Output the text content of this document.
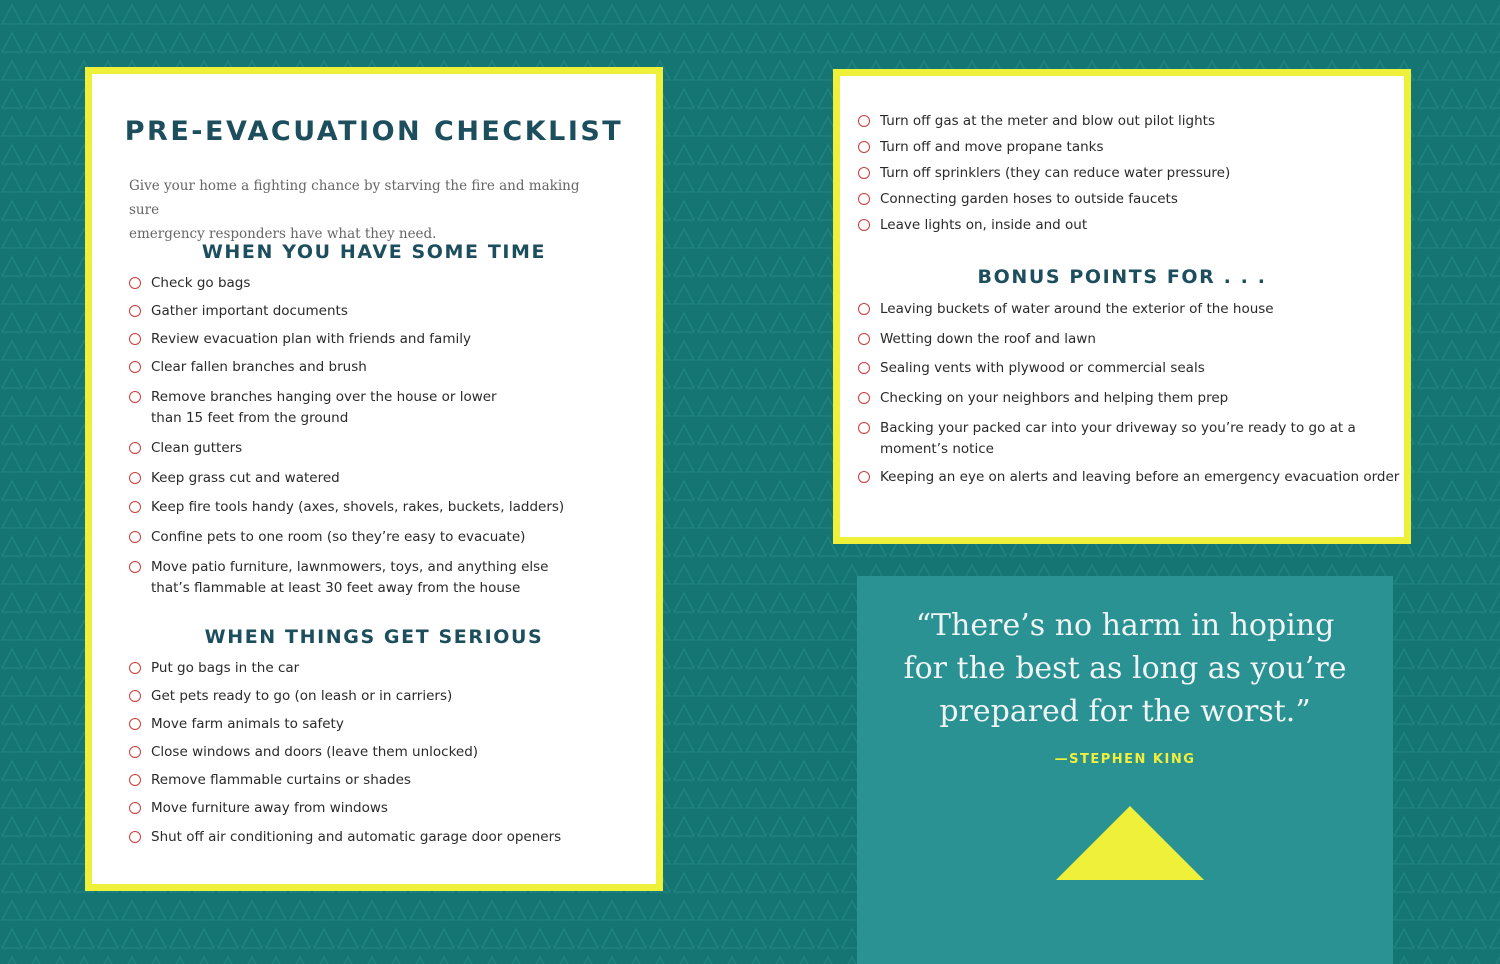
PRE-EVACUATION CHECKLIST
Give your home a fighting chance by starving the fire and making sure
emergency responders have what they need.
WHEN YOU HAVE SOME TIME
Check go bags
Gather important documents
Review evacuation plan with friends and family
Clear fallen branches and brush
Remove branches hanging over the house or lower
than 15 feet from the ground
Clean gutters
Keep grass cut and watered
Keep fire tools handy (axes, shovels, rakes, buckets, ladders)
Confine pets to one room (so they’re easy to evacuate)
Move patio furniture, lawnmowers, toys, and anything else
that’s flammable at least 30 feet away from the house
WHEN THINGS GET SERIOUS
Put go bags in the car
Get pets ready to go (on leash or in carriers)
Move farm animals to safety
Close windows and doors (leave them unlocked)
Remove flammable curtains or shades
Move furniture away from windows
Shut off air conditioning and automatic garage door openers
Turn off gas at the meter and blow out pilot lights
Turn off and move propane tanks
Turn off sprinklers (they can reduce water pressure)
Connecting garden hoses to outside faucets
Leave lights on, inside and out
BONUS POINTS FOR . . .
Leaving buckets of water around the exterior of the house
Wetting down the roof and lawn
Sealing vents with plywood or commercial seals
Checking on your neighbors and helping them prep
Backing your packed car into your driveway so you’re ready to go at a
moment’s notice
Keeping an eye on alerts and leaving before an emergency evacuation order
“There’s no harm in hoping
for the best as long as you’re
prepared for the worst.”
—STEPHEN KING
